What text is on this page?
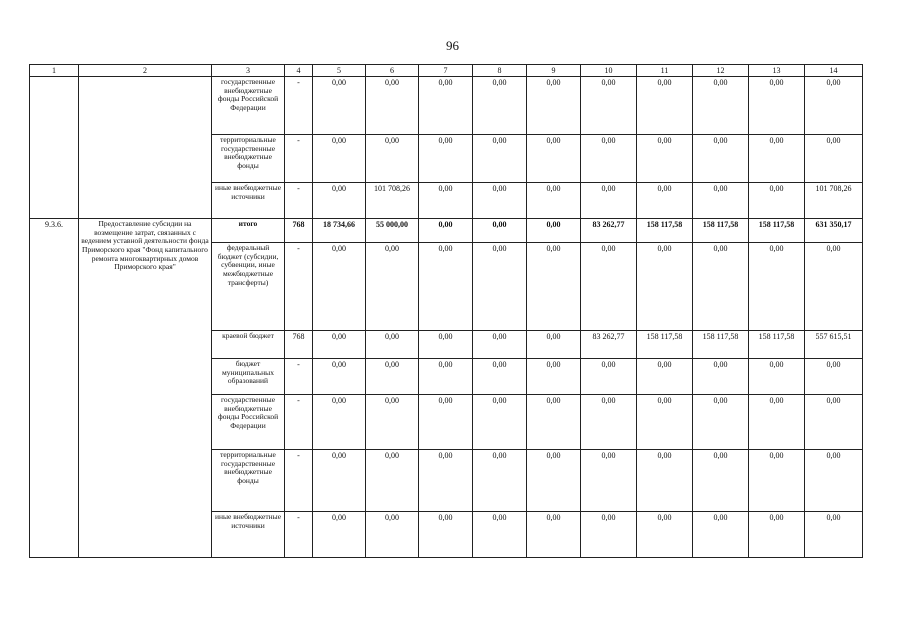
96
1	2	3	4	5	6	7	8	9	10	11	12	13	14
		государственные внебюджетные фонды Российской Федерации	-	0,00	0,00	0,00	0,00	0,00	0,00	0,00	0,00	0,00	0,00
		территориальные государственные внебюджетные фонды	-	0,00	0,00	0,00	0,00	0,00	0,00	0,00	0,00	0,00	0,00
		иные внебюджетные источники	-	0,00	101 708,26	0,00	0,00	0,00	0,00	0,00	0,00	0,00	101 708,26
9.3.6.	Предоставление субсидии на возмещение затрат, связанных с ведением уставной деятельности фонда Приморского края "Фонд капитального ремонта многоквартирных домов Приморского края"	итого	768	18 734,66	55 000,00	0,00	0,00	0,00	83 262,77	158 117,58	158 117,58	158 117,58	631 350,17
		федеральный бюджет (субсидии, субвенции, иные межбюджетные трансферты)	-	0,00	0,00	0,00	0,00	0,00	0,00	0,00	0,00	0,00	0,00
		краевой бюджет	768	0,00	0,00	0,00	0,00	0,00	83 262,77	158 117,58	158 117,58	158 117,58	557 615,51
		бюджет муниципальных образований	-	0,00	0,00	0,00	0,00	0,00	0,00	0,00	0,00	0,00	0,00
		государственные внебюджетные фонды Российской Федерации	-	0,00	0,00	0,00	0,00	0,00	0,00	0,00	0,00	0,00	0,00
		территориальные государственные внебюджетные фонды	-	0,00	0,00	0,00	0,00	0,00	0,00	0,00	0,00	0,00	0,00
		иные внебюджетные источники	-	0,00	0,00	0,00	0,00	0,00	0,00	0,00	0,00	0,00	0,00
